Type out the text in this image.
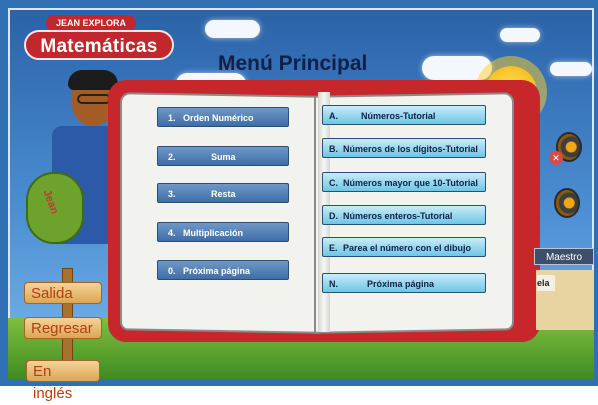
JEAN EXPLORA
Matemáticas
Menú Principal
Jean
1. Orden Numérico
2.	Suma
3.	Resta
4. Multiplicación
0. Próxima página
A.	Números-Tutorial
B. Números de los dígitos-Tutorial
C. Números mayor que 10-Tutorial
D. Números enteros-Tutorial
E. Parea el número con el dibujo
N.	Próxima página
✕
Maestro
ela
Salida
Regresar
En inglés
